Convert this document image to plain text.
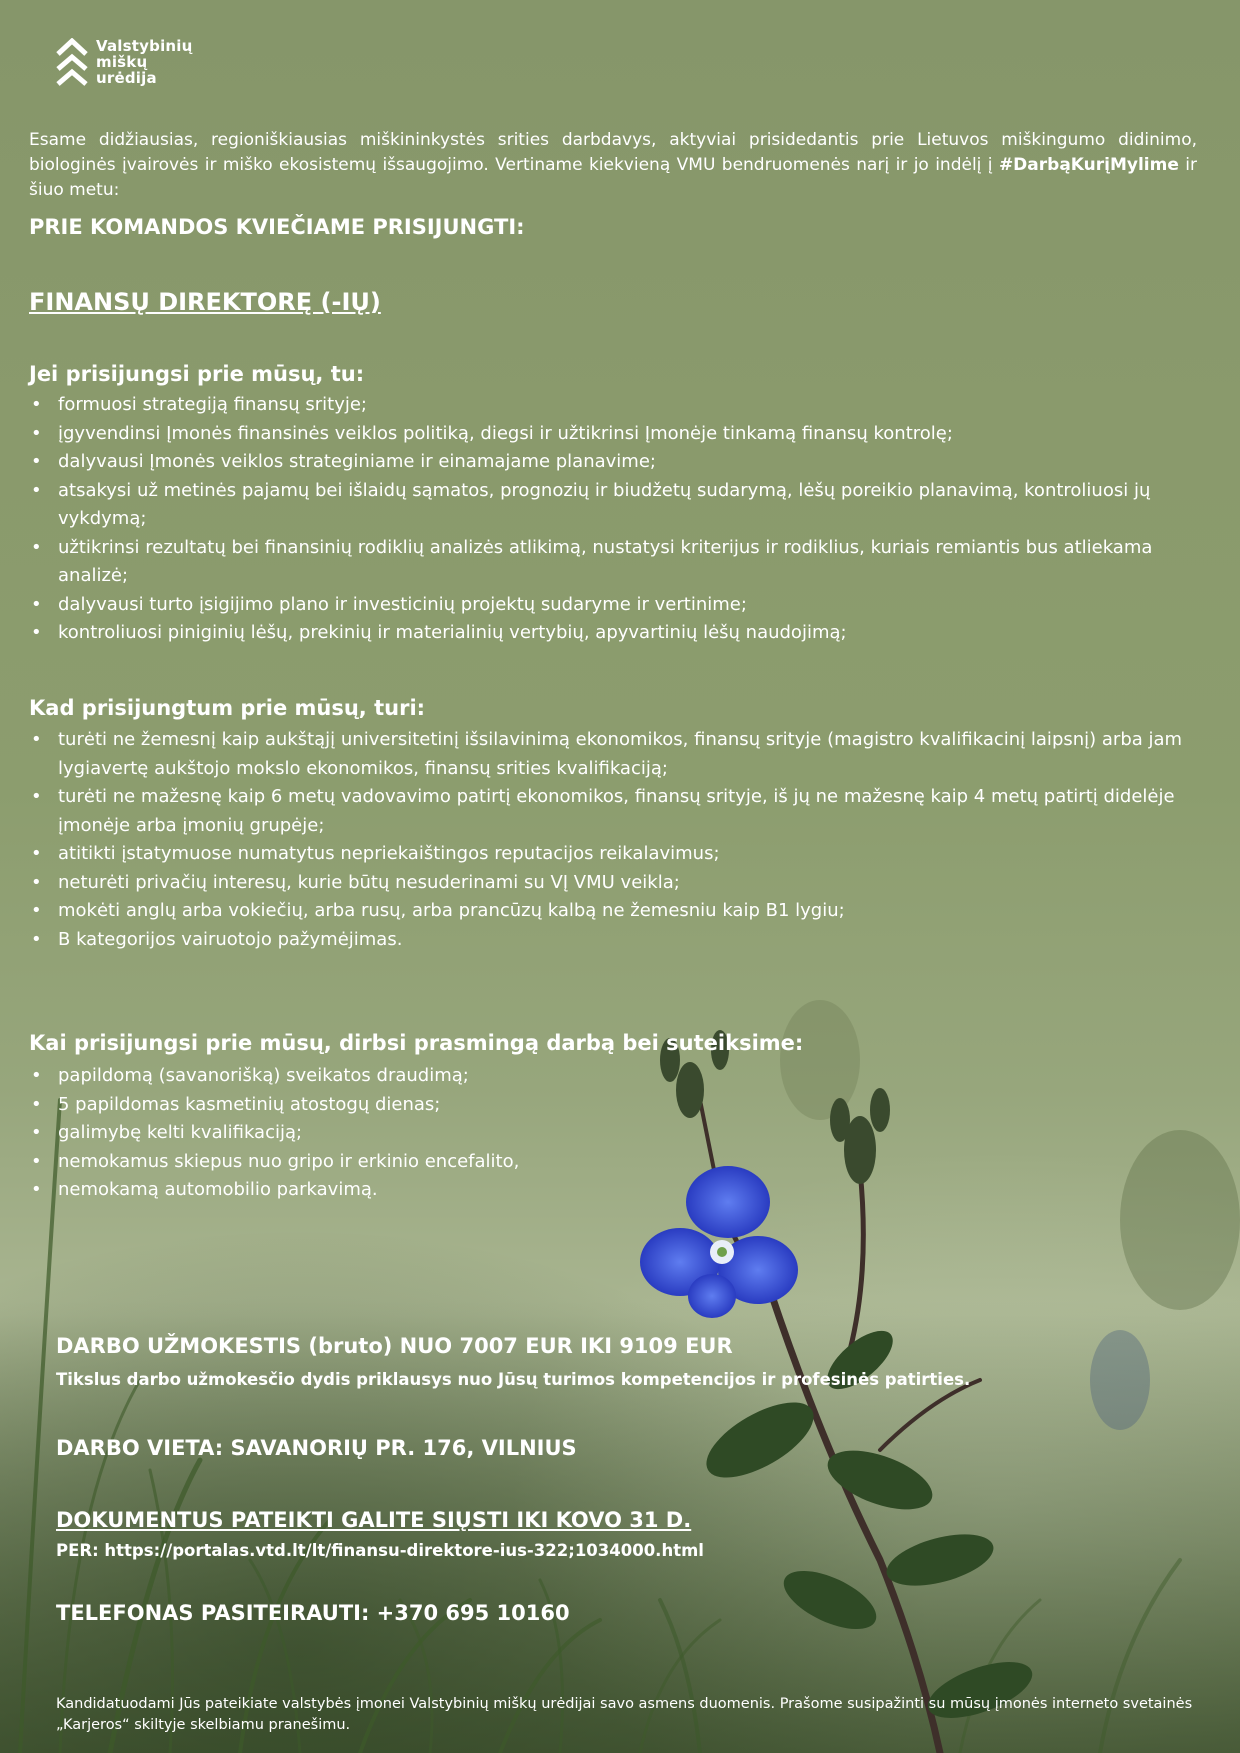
Valstybinių
miškų
urėdija

Esame didžiausias, regioniškiausias miškininkystės srities darbdavys, aktyviai prisidedantis prie Lietuvos miškingumo didinimo, biologinės įvairovės ir miško ekosistemų išsaugojimo. Vertiname kiekvieną VMU bendruomenės narį ir jo indėlį į #DarbąKurįMylime ir šiuo metu:

PRIE KOMANDOS KVIEČIAME PRISIJUNGTI:
FINANSŲ DIREKTORĘ (-IŲ)
Jei prisijungsi prie mūsų, tu:
• formuosi strategiją finansų srityje;
• įgyvendinsi Įmonės finansinės veiklos politiką, diegsi ir užtikrinsi Įmonėje tinkamą finansų kontrolę;
• dalyvausi Įmonės veiklos strateginiame ir einamajame planavime;
• atsakysi už metinės pajamų bei išlaidų sąmatos, prognozių ir biudžetų sudarymą, lėšų poreikio planavimą, kontroliuosi jų vykdymą;
• užtikrinsi rezultatų bei finansinių rodiklių analizės atlikimą, nustatysi kriterijus ir rodiklius, kuriais remiantis bus atliekama analizė;
• dalyvausi turto įsigijimo plano ir investicinių projektų sudaryme ir vertinime;
• kontroliuosi piniginių lėšų, prekinių ir materialinių vertybių, apyvartinių lėšų naudojimą;
Kad prisijungtum prie mūsų, turi:
• turėti ne žemesnį kaip aukštąjį universitetinį išsilavinimą ekonomikos, finansų srityje (magistro kvalifikacinį laipsnį) arba jam lygiavertę aukštojo mokslo ekonomikos, finansų srities kvalifikaciją;
• turėti ne mažesnę kaip 6 metų vadovavimo patirtį ekonomikos, finansų srityje, iš jų ne mažesnę kaip 4 metų patirtį didelėje įmonėje arba įmonių grupėje;
• atitikti įstatymuose numatytus nepriekaištingos reputacijos reikalavimus;
• neturėti privačių interesų, kurie būtų nesuderinami su VĮ VMU veikla;
• mokėti anglų arba vokiečių, arba rusų, arba prancūzų kalbą ne žemesniu kaip B1 lygiu;
• B kategorijos vairuotojo pažymėjimas.
Kai prisijungsi prie mūsų, dirbsi prasmingą darbą bei suteiksime:
• papildomą (savanorišką) sveikatos draudimą;
• 5 papildomas kasmetinių atostogų dienas;
• galimybę kelti kvalifikaciją;
• nemokamus skiepus nuo gripo ir erkinio encefalito,
• nemokamą automobilio parkavimą.
DARBO UŽMOKESTIS (bruto) NUO 7007 EUR IKI 9109 EUR
Tikslus darbo užmokesčio dydis priklausys nuo Jūsų turimos kompetencijos ir profesinės patirties.
DARBO VIETA: SAVANORIŲ PR. 176, VILNIUS
DOKUMENTUS PATEIKTI GALITE SIŲSTI IKI KOVO 31 D.
PER: https://portalas.vtd.lt/lt/finansu-direktore-ius-322;1034000.html
TELEFONAS PASITEIRAUTI: +370 695 10160
Kandidatuodami Jūs pateikiate valstybės įmonei Valstybinių miškų urėdijai savo asmens duomenis. Prašome susipažinti su mūsų įmonės interneto svetainės „Karjeros“ skiltyje skelbiamu pranešimu.
